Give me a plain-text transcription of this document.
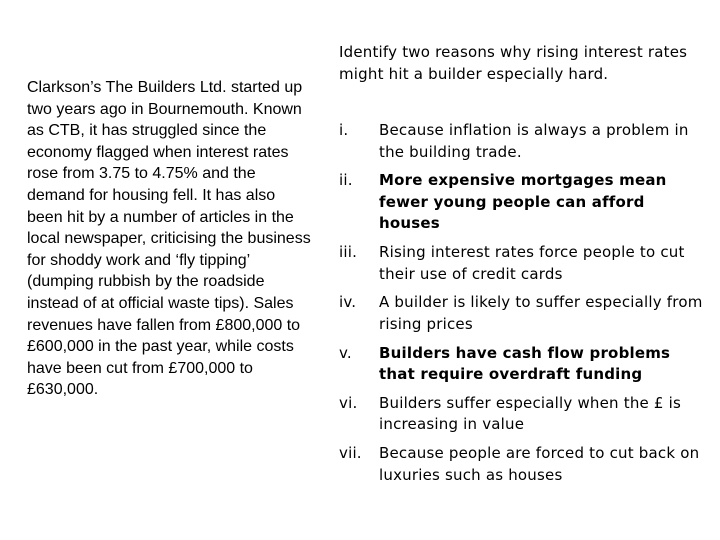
Clarkson’s The Builders Ltd. started up two years ago in Bournemouth. Known as CTB, it has struggled since the economy flagged when interest rates rose from 3.75 to 4.75% and the demand for housing fell. It has also been hit by a number of articles in the local newspaper, criticising the business for shoddy work and ‘fly tipping’ (dumping rubbish by the roadside instead of at official waste tips). Sales revenues have fallen from £800,000 to £600,000 in the past year, while costs have been cut from £700,000 to £630,000.

Identify two reasons why rising interest rates might hit a builder especially hard.

i.	Because inflation is always a problem in the building trade.
ii.	More expensive mortgages mean fewer young people can afford houses
iii.	Rising interest rates force people to cut their use of credit cards
iv.	A builder is likely to suffer especially from rising prices
v.	Builders have cash flow problems that require overdraft funding
vi.	Builders suffer especially when the £ is increasing in value
vii.	Because people are forced to cut back on luxuries such as houses
